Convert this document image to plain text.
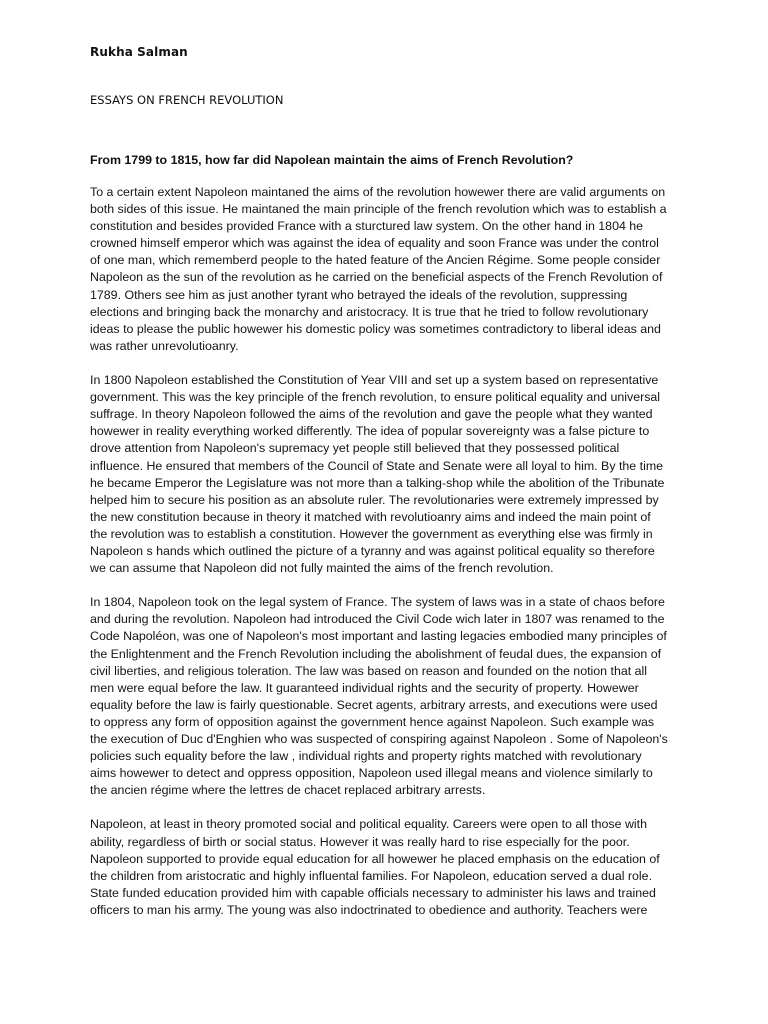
Rukha Salman
ESSAYS ON FRENCH REVOLUTION
From 1799 to 1815, how far did Napolean maintain the aims of French Revolution?
To a certain extent Napoleon maintaned the aims of the revolution howewer there are valid arguments on
both sides of this issue. He maintaned the main principle of the french revolution which was to establish a
constitution and besides provided France with a sturctured law system. On the other hand in 1804 he
crowned himself emperor which was against the idea of equality and soon France was under the control
of one man, which rememberd people to the hated feature of the Ancien Régime. Some people consider
Napoleon as the sun of the revolution as he carried on the beneficial aspects of the French Revolution of
1789. Others see him as just another tyrant who betrayed the ideals of the revolution, suppressing
elections and bringing back the monarchy and aristocracy. It is true that he tried to follow revolutionary
ideas to please the public howewer his domestic policy was sometimes contradictory to liberal ideas and
was rather unrevolutioanry.
In 1800 Napoleon established the Constitution of Year VIII and set up a system based on representative
government. This was the key principle of the french revolution, to ensure political equality and universal
suffrage. In theory Napoleon followed the aims of the revolution and gave the people what they wanted
howewer in reality everything worked differently. The idea of popular sovereignty was a false picture to
drove attention from Napoleon's supremacy yet people still believed that they possessed political
influence. He ensured that members of the Council of State and Senate were all loyal to him. By the time
he became Emperor the Legislature was not more than a talking-shop while the abolition of the Tribunate
helped him to secure his position as an absolute ruler. The revolutionaries were extremely impressed by
the new constitution because in theory it matched with revolutioanry aims and indeed the main point of
the revolution was to establish a constitution. However the government as everything else was firmly in
Napoleon s hands which outlined the picture of a tyranny and was against political equality so therefore
we can assume that Napoleon did not fully mainted the aims of the french revolution.
In 1804, Napoleon took on the legal system of France. The system of laws was in a state of chaos before
and during the revolution. Napoleon had introduced the Civil Code wich later in 1807 was renamed to the
Code Napoléon, was one of Napoleon's most important and lasting legacies embodied many principles of
the Enlightenment and the French Revolution including the abolishment of feudal dues, the expansion of
civil liberties, and religious toleration. The law was based on reason and founded on the notion that all
men were equal before the law. It guaranteed individual rights and the security of property. Howewer
equality before the law is fairly questionable. Secret agents, arbitrary arrests, and executions were used
to oppress any form of opposition against the government hence against Napoleon. Such example was
the execution of Duc d'Enghien who was suspected of conspiring against Napoleon . Some of Napoleon's
policies such equality before the law , individual rights and property rights matched with revolutionary
aims howewer to detect and oppress opposition, Napoleon used illegal means and violence similarly to
the ancien régime where the lettres de chacet replaced arbitrary arrests.
Napoleon, at least in theory promoted social and political equality. Careers were open to all those with
ability, regardless of birth or social status. However it was really hard to rise especially for the poor.
Napoleon supported to provide equal education for all howewer he placed emphasis on the education of
the children from aristocratic and highly influental families. For Napoleon, education served a dual role.
State funded education provided him with capable officials necessary to administer his laws and trained
officers to man his army. The young was also indoctrinated to obedience and authority. Teachers were
